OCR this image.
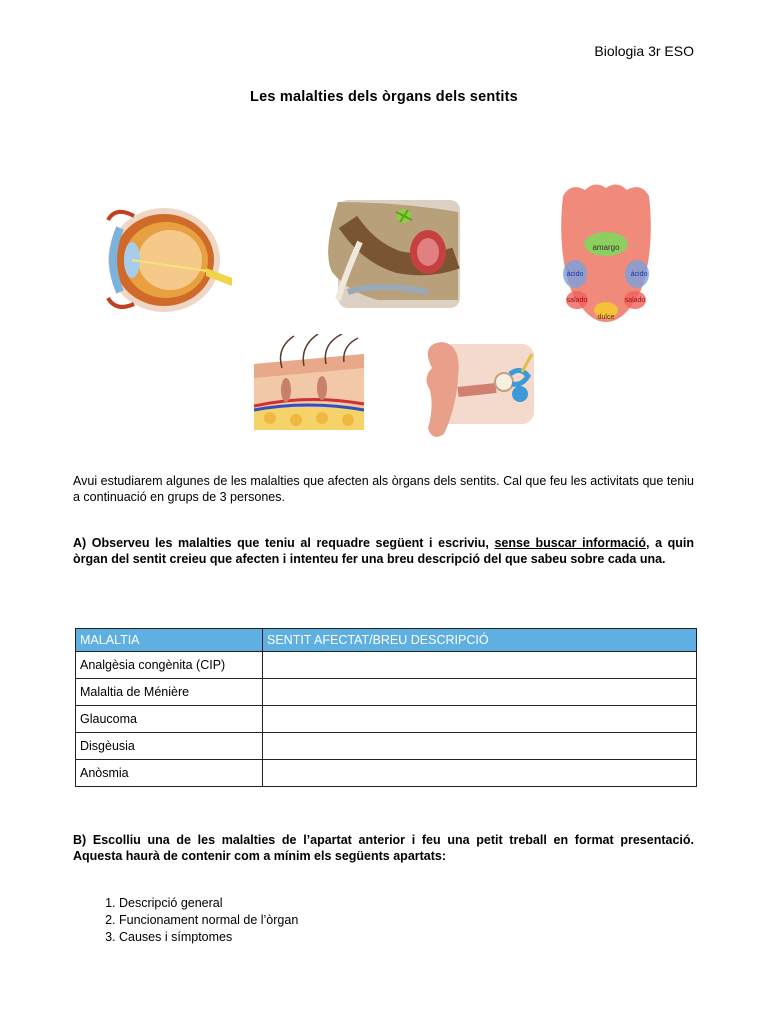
Biologia 3r ESO
Les malalties dels òrgans dels sentits
amargo
ácido	ácido
salado	salado
dulce
Avui estudiarem algunes de les malalties que afecten als òrgans dels sentits. Cal que feu les activitats que teniu a continuació en grups de 3 persones.
A) Observeu les malalties que teniu al requadre següent i escriviu, sense buscar informació, a quin òrgan del sentit creieu que afecten i intenteu fer una breu descripció del que sabeu sobre cada una.
MALALTIA	SENTIT AFECTAT/BREU DESCRIPCIÓ
Analgèsia congènita (CIP)	
Malaltia de Ménière	
Glaucoma	
Disgèusia	
Anòsmia	
B) Escolliu una de les malalties de l’apartat anterior i feu una petit treball en format presentació. Aquesta haurà de contenir com a mínim els següents apartats:
1. Descripció general
2. Funcionament normal de l’òrgan
3. Causes i símptomes
